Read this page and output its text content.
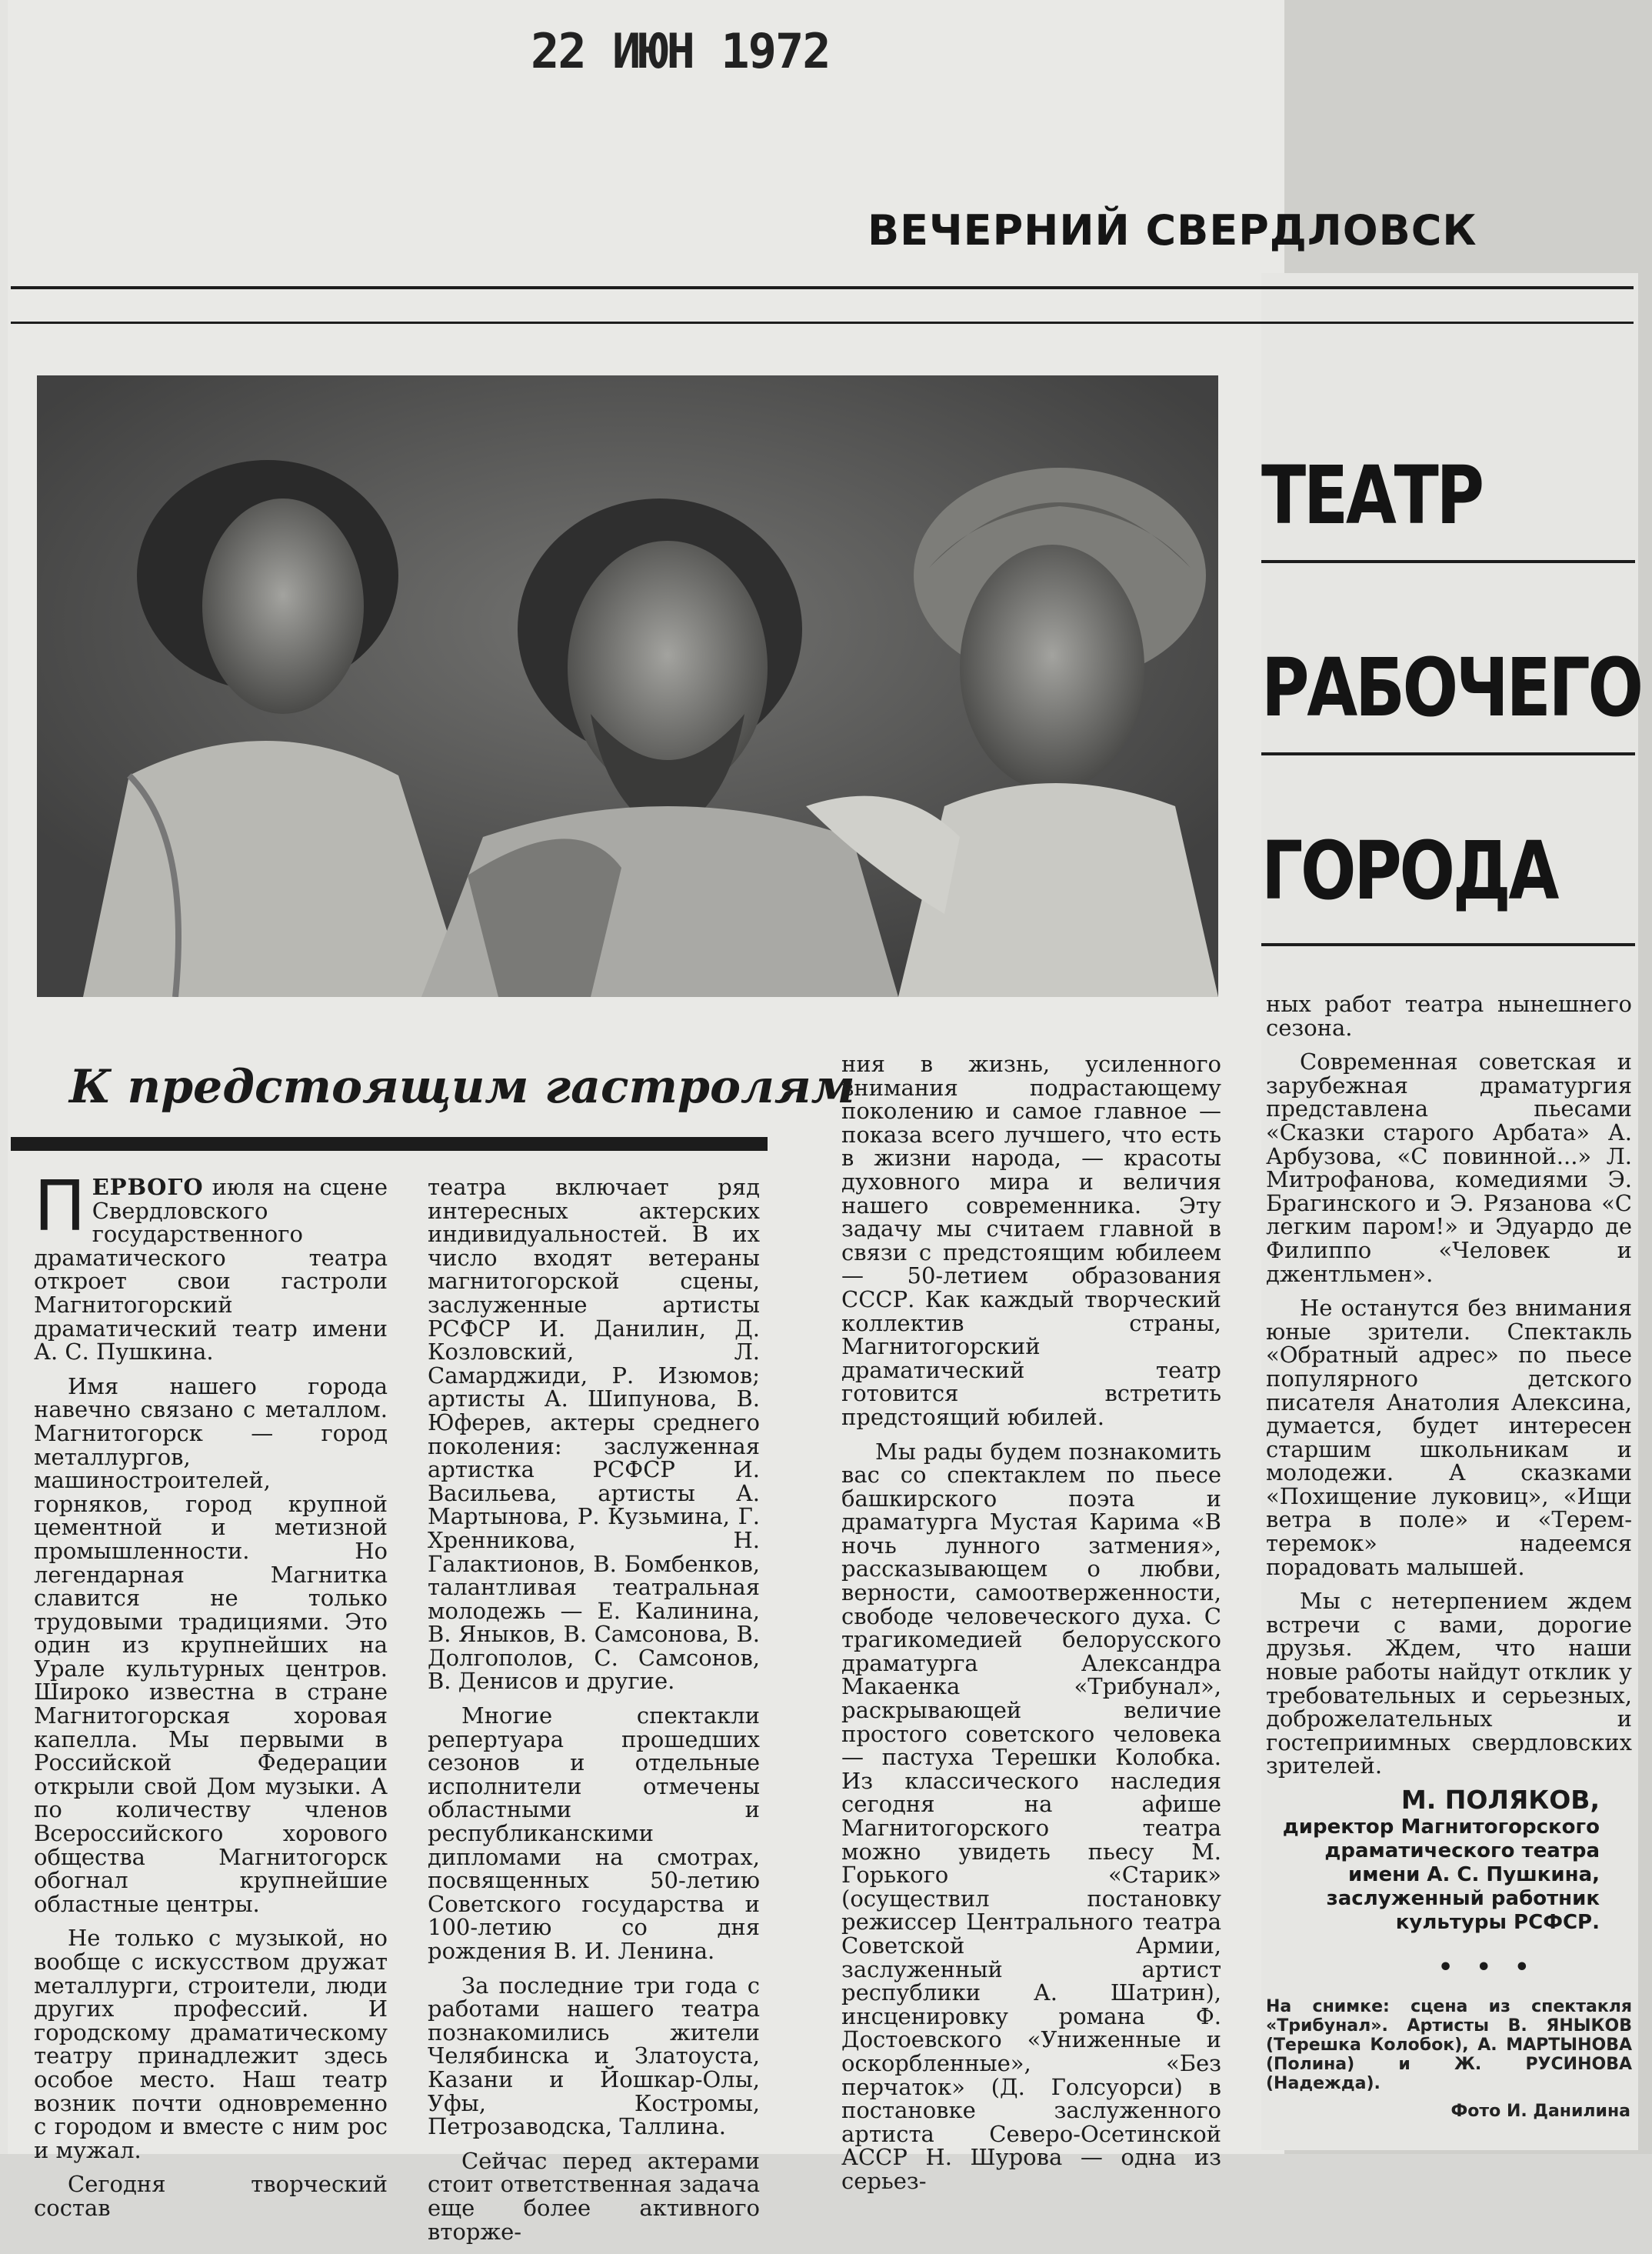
22 ИЮН 1972
ВЕЧЕРНИЙ СВЕРДЛОВСК
ТЕАТР
РАБОЧЕГО
ГОРОДА
К предстоящим гастролям

ПЕРВОГО июля на сцене Свердловского государственного драматического театра откроет свои гастроли Магнитогорский драматический театр имени А. С. Пушкина.

Имя нашего города навечно связано с металлом. Магнитогорск — город металлургов, машиностроителей, горняков, город крупной цементной и метизной промышленности. Но легендарная Магнитка славится не только трудовыми традициями. Это один из крупнейших на Урале культурных центров. Широко известна в стране Магнитогорская хоровая капелла. Мы первыми в Российской Федерации открыли свой Дом музыки. А по количеству членов Всероссийского хорового общества Магнитогорск обогнал крупнейшие областные центры.

Не только с музыкой, но вообще с искусством дружат металлурги, строители, люди других профессий. И городскому драматическому театру принадлежит здесь особое место. Наш театр возник почти одновременно с городом и вместе с ним рос и мужал.

Сегодня творческий состав

театра включает ряд интересных актерских индивидуальностей. В их число входят ветераны магнитогорской сцены, заслуженные артисты РСФСР И. Данилин, Д. Козловский, Л. Самарджиди, Р. Изюмов; артисты А. Шипунова, В. Юферев, актеры среднего поколения: заслуженная артистка РСФСР И. Васильева, артисты А. Мартынова, Р. Кузьмина, Г. Хренникова, Н. Галактионов, В. Бомбенков, талантливая театральная молодежь — Е. Калинина, В. Яныков, В. Самсонова, В. Долгополов, С. Самсонов, В. Денисов и другие.

Многие спектакли репертуара прошедших сезонов и отдельные исполнители отмечены областными и республиканскими дипломами на смотрах, посвященных 50-летию Советского государства и 100-летию со дня рождения В. И. Ленина.

За последние три года с работами нашего театра познакомились жители Челябинска и Златоуста, Казани и Йошкар-Олы, Уфы, Костромы, Петрозаводска, Таллина.

Сейчас перед актерами стоит ответственная задача еще более активного вторже-

ния в жизнь, усиленного внимания подрастающему поколению и самое главное — показа всего лучшего, что есть в жизни народа, — красоты духовного мира и величия нашего современника. Эту задачу мы считаем главной в связи с предстоящим юбилеем — 50-летием образования СССР. Как каждый творческий коллектив страны, Магнитогорский драматический театр готовится встретить предстоящий юбилей.

Мы рады будем познакомить вас со спектаклем по пьесе башкирского поэта и драматурга Мустая Карима «В ночь лунного затмения», рассказывающем о любви, верности, самоотверженности, свободе человеческого духа. С трагикомедией белорусского драматурга Александра Макаенка «Трибунал», раскрывающей величие простого советского человека — пастуха Терешки Колобка. Из классического наследия сегодня на афише Магнитогорского театра можно увидеть пьесу М. Горького «Старик» (осуществил постановку режиссер Центрального театра Советской Армии, заслуженный артист республики А. Шатрин), инсценировку романа Ф. Достоевского «Униженные и оскорбленные», «Без перчаток» (Д. Голсуорси) в постановке заслуженного артиста Северо-Осетинской АССР Н. Шурова — одна из серьез-

ных работ театра нынешнего сезона.

Современная советская и зарубежная драматургия представлена пьесами «Сказки старого Арбата» А. Арбузова, «С повинной...» Л. Митрофанова, комедиями Э. Брагинского и Э. Рязанова «С легким паром!» и Эдуардо де Филиппо «Человек и джентльмен».

Не останутся без внимания юные зрители. Спектакль «Обратный адрес» по пьесе популярного детского писателя Анатолия Алексина, думается, будет интересен старшим школьникам и молодежи. А сказками «Похищение луковиц», «Ищи ветра в поле» и «Терем-теремок» надеемся порадовать малышей.

Мы с нетерпением ждем встречи с вами, дорогие друзья. Ждем, что наши новые работы найдут отклик у требовательных и серьезных, доброжелательных и гостеприимных свердловских зрителей.

М. ПОЛЯКОВ,
директор Магнитогорского драматического театра имени А. С. Пушкина, заслуженный работник культуры РСФСР.
• • •
На снимке: сцена из спектакля «Трибунал». Артисты В. ЯНЫКОВ (Терешка Колобок), А. МАРТЫНОВА (Полина) и Ж. РУСИНОВА (Надежда).
Фото И. Данилина
